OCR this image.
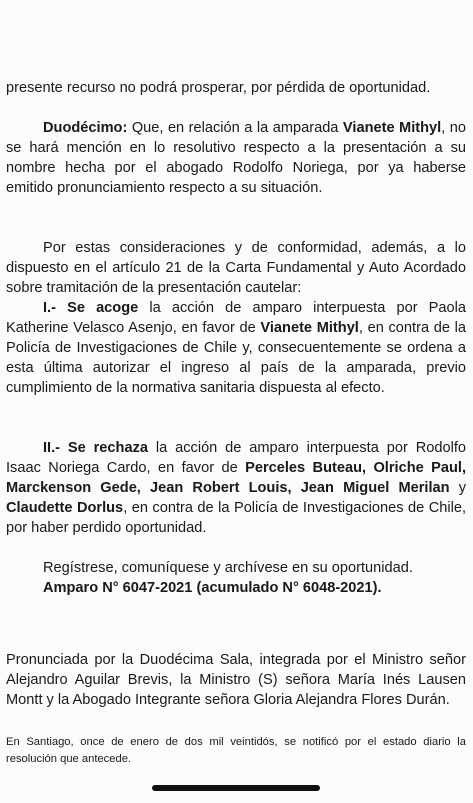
presente recurso no podrá prosperar, por pérdida de oportunidad.

Duodécimo: Que, en relación a la amparada Vianete Mithyl, no se hará mención en lo resolutivo respecto a la presentación a su nombre hecha por el abogado Rodolfo Noriega, por ya haberse emitido pronunciamiento respecto a su situación.

Por estas consideraciones y de conformidad, además, a lo dispuesto en el artículo 21 de la Carta Fundamental y Auto Acordado sobre tramitación de la presentación cautelar:

I.- Se acoge la acción de amparo interpuesta por Paola Katherine Velasco Asenjo, en favor de Vianete Mithyl, en contra de la Policía de Investigaciones de Chile y, consecuentemente se ordena a esta última autorizar el ingreso al país de la amparada, previo cumplimiento de la normativa sanitaria dispuesta al efecto.

II.- Se rechaza la acción de amparo interpuesta por Rodolfo Isaac Noriega Cardo, en favor de Perceles Buteau, Olriche Paul, Marckenson Gede, Jean Robert Louis, Jean Miguel Merilan y Claudette Dorlus, en contra de la Policía de Investigaciones de Chile, por haber perdido oportunidad.

Regístrese, comuníquese y archívese en su oportunidad.

Amparo N° 6047-2021 (acumulado N° 6048-2021).

Pronunciada por la Duodécima Sala, integrada por el Ministro señor Alejandro Aguilar Brevis, la Ministro (S) señora María Inés Lausen Montt y la Abogado Integrante señora Gloria Alejandra Flores Durán.

En Santiago, once de enero de dos mil veintidós, se notificó por el estado diario la resolución que antecede.
